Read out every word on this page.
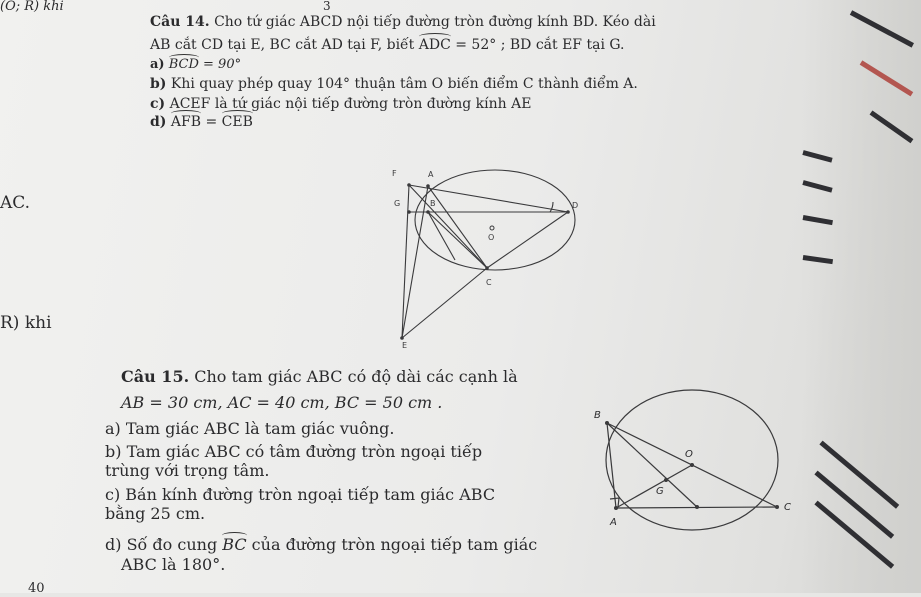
(O; R) khi	3
AC.
R) khi
40
Câu 14. Cho tứ giác ABCD nội tiếp đường tròn đường kính BD. Kéo dài
AB cắt CD tại E, BC cắt AD tại F, biết ADC = 52° ; BD cắt EF tại G.
a) BCD = 90°
b) Khi quay phép quay 104° thuận tâm O biến điểm C thành điểm A.
c) ACEF là tứ giác nội tiếp đường tròn đường kính AE
d) AFB = CEB
F	A
G	B	D
O
C
E
Câu 15. Cho tam giác ABC có độ dài các cạnh là
AB = 30 cm, AC = 40 cm, BC = 50 cm .
a) Tam giác ABC là tam giác vuông.
b) Tam giác ABC có tâm đường tròn ngoại tiếp
trùng với trọng tâm.
c) Bán kính đường tròn ngoại tiếp tam giác ABC
bằng 25 cm.
d) Số đo cung BC của đường tròn ngoại tiếp tam giác
ABC là 180°.
B
O
G
C
A
